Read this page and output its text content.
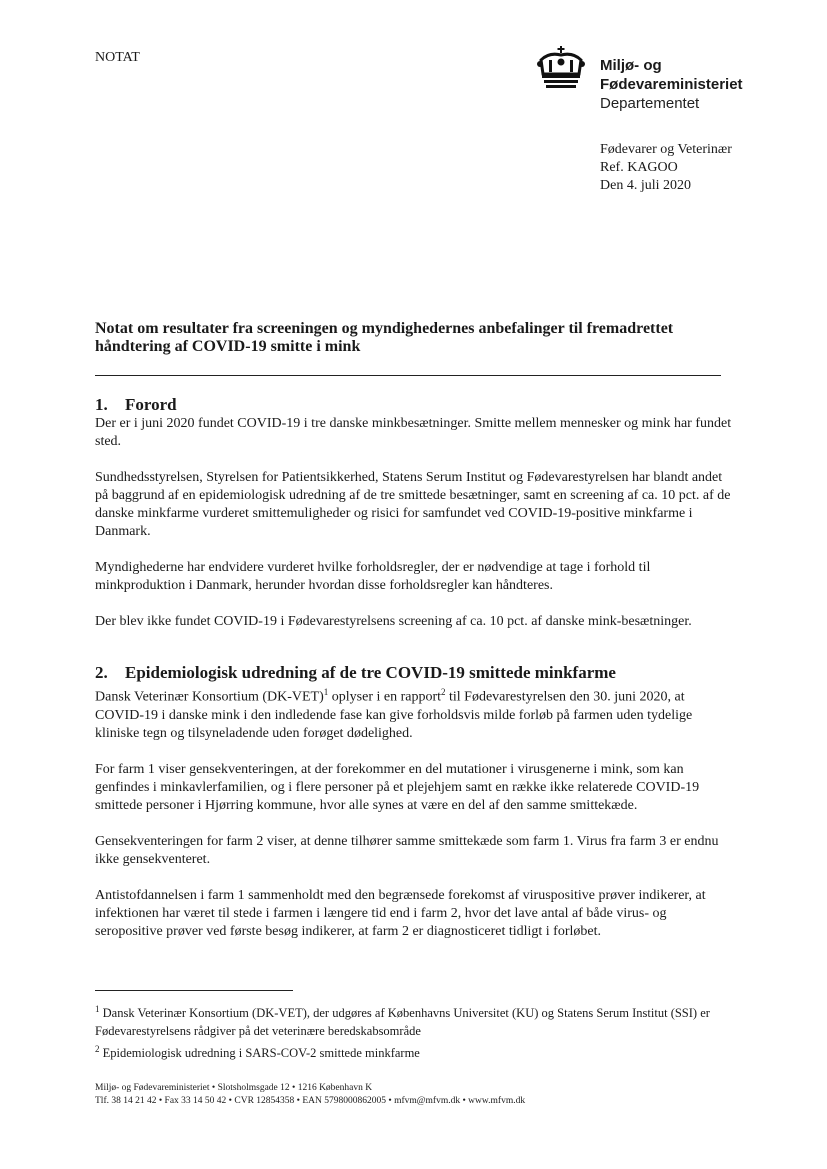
NOTAT	Miljø- og
Fødevareministeriet
Departementet
Fødevarer og Veterinær
Ref. KAGOO
Den 4. juli 2020
Notat om resultater fra screeningen og myndighedernes anbefalinger til fremadrettet håndtering af COVID-19 smitte i mink
1. Forord

Der er i juni 2020 fundet COVID-19 i tre danske minkbesætninger. Smitte mellem mennesker og mink har fundet sted.

Sundhedsstyrelsen, Styrelsen for Patientsikkerhed, Statens Serum Institut og Fødevarestyrelsen har blandt andet på baggrund af en epidemiologisk udredning af de tre smittede besætninger, samt en screening af ca. 10 pct. af de danske minkfarme vurderet smittemuligheder og risici for samfundet ved COVID-19-positive minkfarme i Danmark.

Myndighederne har endvidere vurderet hvilke forholdsregler, der er nødvendige at tage i forhold til minkproduktion i Danmark, herunder hvordan disse forholdsregler kan håndteres.

Der blev ikke fundet COVID-19 i Fødevarestyrelsens screening af ca. 10 pct. af danske mink-besætninger.

2. Epidemiologisk udredning af de tre COVID-19 smittede minkfarme

Dansk Veterinær Konsortium $(DK-VET)^1$ oplyser i en rapport$^2$ til Fødevarestyrelsen den 30. juni 2020, at COVID-19 i danske mink i den indledende fase kan give forholdsvis milde forløb på farmen uden tydelige kliniske tegn og tilsyneladende uden forøget dødelighed.

For farm 1 viser gensekventeringen, at der forekommer en del mutationer i virusgenerne i mink, som kan genfindes i minkavlerfamilien, og i flere personer på et plejehjem samt en række ikke relaterede COVID-19 smittede personer i Hjørring kommune, hvor alle synes at være en del af den samme smittekæde.

Gensekventeringen for farm 2 viser, at denne tilhører samme smittekæde som farm 1. Virus fra farm 3 er endnu ikke gensekventeret.

Antistofdannelsen i farm 1 sammenholdt med den begrænsede forekomst af viruspositive prøver indikerer, at infektionen har været til stede i farmen i længere tid end i farm 2, hvor det lave antal af både virus- og seropositive prøver ved første besøg indikerer, at farm 2 er diagnosticeret tidligt i forløbet.

$^1$ Dansk Veterinær Konsortium (DK-VET), der udgøres af Københavns Universitet (KU) og Statens Serum Institut (SSI) er Fødevarestyrelsens rådgiver på det veterinære beredskabsområde
$^2$ Epidemiologisk udredning i SARS-COV-2 smittede minkfarme
Miljø- og Fødevareministeriet • Slotsholmsgade 12 • 1216 København K
Tlf. 38 14 21 42 • Fax 33 14 50 42 • CVR 12854358 • EAN 5798000862005 • mfvm@mfvm.dk • www.mfvm.dk
